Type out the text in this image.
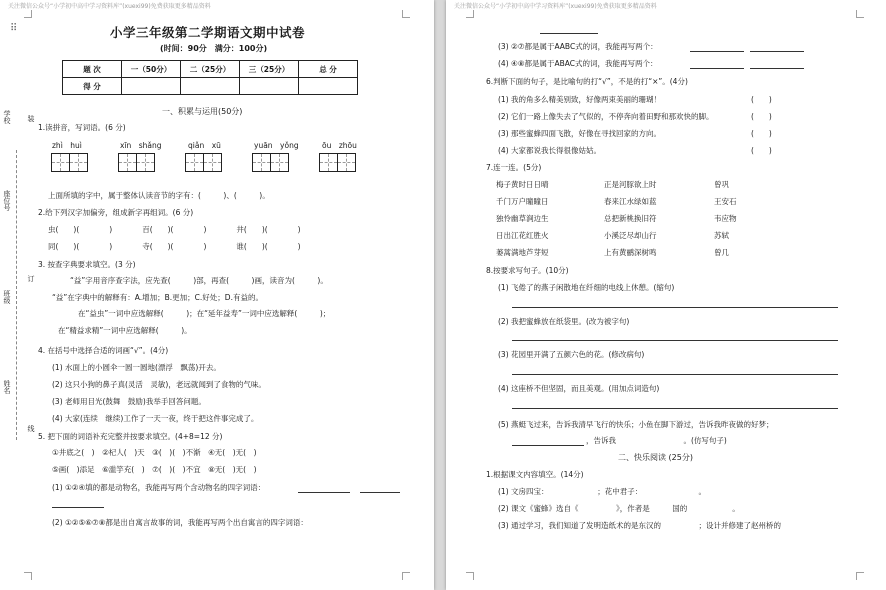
关注微信公众号“小学初中高中学习资料库”(xuexi99)免费获取更多精品资料
⠿
座位号
班级
姓名
学校 装
订
线
小学三年级第二学期语文期中试卷
(时间：90分　满分：100分)
题 次	一（50分）	二（25分）	三（25分）	总 分
得 分				
一、积累与运用(50分)
1.读拼音，写词语。(6 分)
zhì　huì	xīn　shǎng	qiǎn　xū	yuān　yǒng	ōu　zhōu
上面所填的字中，属于整体认读音节的字有：(　　　)、(　　　)。
2.给下列汉字加偏旁，组成新字再组词。(6 分)
虫(　　)(　　　　)　　　　百(　　)(　　　　)　　　　井(　　)(　　　　)
同(　　)(　　　　)　　　　寺(　　)(　　　　)　　　　谁(　　)(　　　　)
3. 按查字典要求填空。(3 分)
“益”字用音序查字法，应先查(　　　)部，再查(　　　)画，读音为(　　　)。
“益”在字典中的解释有：A.增加；B.更加；C.好处；D.有益的。
在“益虫”一词中应选解释(　　　)；在“延年益寿”一词中应选解释(　　　)；
在“精益求精”一词中应选解释(　　　)。
4. 在括号中选择合适的词画“√”。(4分)
(1) 水面上的小圆伞一圆一圆地(漂浮　飘荡)开去。
(2) 这只小狗的鼻子真(灵活　灵敏)，老远就闻到了食物的气味。
(3) 老师用目光(鼓舞　鼓励)我举手回答问题。
(4) 大家(连续　继续)工作了一天一夜，终于把这件事完成了。
5. 把下面的词语补充完整并按要求填空。(4+8=12 分)
①井底之(　)　②杞人(　)天　③(　)(　)不渐　④无(　)无(　)
⑤画(　)添足　⑥滥竽充(　)　⑦(　)(　)不宜　⑧无(　)无(　)
(1) ①②④填的都是动物名，我能再写两个含动物名的四字词语：
(2) ①②⑤⑥⑦⑧都是出自寓言故事的词，我能再写两个出自寓言的四字词语：
关注微信公众号“小学初中高中学习资料库”(xuexi99)免费获取更多精品资料
(3) ②⑦都是属于AABC式的词，我能再写两个：
(4) ④⑧都是属于ABAC式的词，我能再写两个：
6.判断下面的句子，是比喻句的打“√”，不是的打“×”。(4分)
(1) 我的角多么精美别致，好像两束美丽的珊瑚！	(　　)
(2) 它们一路上像失去了气似的，不停奔向着田野和那欢快的脚。	(　　)
(3) 那些蜜蜂四面飞散，好像在寻找回家的方向。	(　　)
(4) 大家都说我长得很像姑姑。	(　　)
7.连一连。(5分)
梅子黄时日日晴	正是河豚欲上时	曾巩
千门万户瞳瞳日	春来江水绿如蓝	王安石
独怜幽草涧边生	总把新桃换旧符	韦应物
日出江花红胜火	小溪泛尽却山行	苏轼
蒌蒿满地芦芽短	上有黄鹂深树鸣	曾几
8.按要求写句子。(10分)
(1) 飞倦了的燕子闲散地在纤细的电线上休憩。(缩句)
(2) 我把蜜蜂放在纸袋里。(改为被字句)
(3) 花园里开满了五颜六色的花。(修改病句)
(4) 这座桥不但坚固，而且美观。(用加点词造句)
(5) 燕蜓飞过来，告诉我清早飞行的快乐；小鱼在脚下游过，告诉我昨夜做的好梦；
，告诉我　　　　　　　　　。(仿写句子)
二、快乐阅读 (25分)
1.根据课文内容填空。(14分)
(1) 文房四宝：　　　　　　　；花中君子：　　　　　　　　。
(2) 课文《蜜蜂》选自《　　　　　》，作者是　　　国的　　　　　　。
(3) 通过学习，我们知道了发明造纸术的是东汉的　　　　　；设计并修建了赵州桥的
